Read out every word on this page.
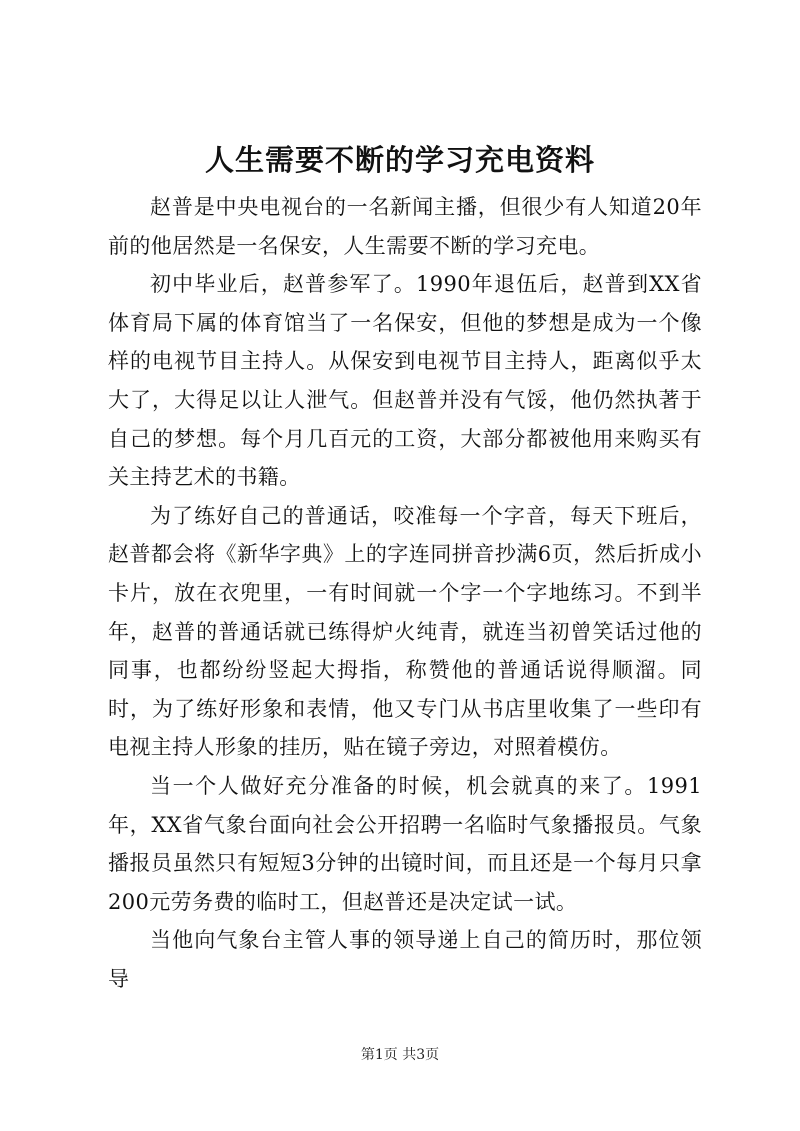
人生需要不断的学习充电资料

赵普是中央电视台的一名新闻主播，但很少有人知道20年前的他居然是一名保安，人生需要不断的学习充电。

初中毕业后，赵普参军了。1990年退伍后，赵普到XX省体育局下属的体育馆当了一名保安，但他的梦想是成为一个像样的电视节目主持人。从保安到电视节目主持人，距离似乎太大了，大得足以让人泄气。但赵普并没有气馁，他仍然执著于自己的梦想。每个月几百元的工资，大部分都被他用来购买有关主持艺术的书籍。

为了练好自己的普通话，咬准每一个字音，每天下班后，赵普都会将《新华字典》上的字连同拼音抄满6页，然后折成小卡片，放在衣兜里，一有时间就一个字一个字地练习。不到半年，赵普的普通话就已练得炉火纯青，就连当初曾笑话过他的同事，也都纷纷竖起大拇指，称赞他的普通话说得顺溜。同时，为了练好形象和表情，他又专门从书店里收集了一些印有电视主持人形象的挂历，贴在镜子旁边，对照着模仿。

当一个人做好充分准备的时候，机会就真的来了。1991年，XX省气象台面向社会公开招聘一名临时气象播报员。气象播报员虽然只有短短3分钟的出镜时间，而且还是一个每月只拿200元劳务费的临时工，但赵普还是决定试一试。

当他向气象台主管人事的领导递上自己的简历时，那位领导

第1页 共3页
